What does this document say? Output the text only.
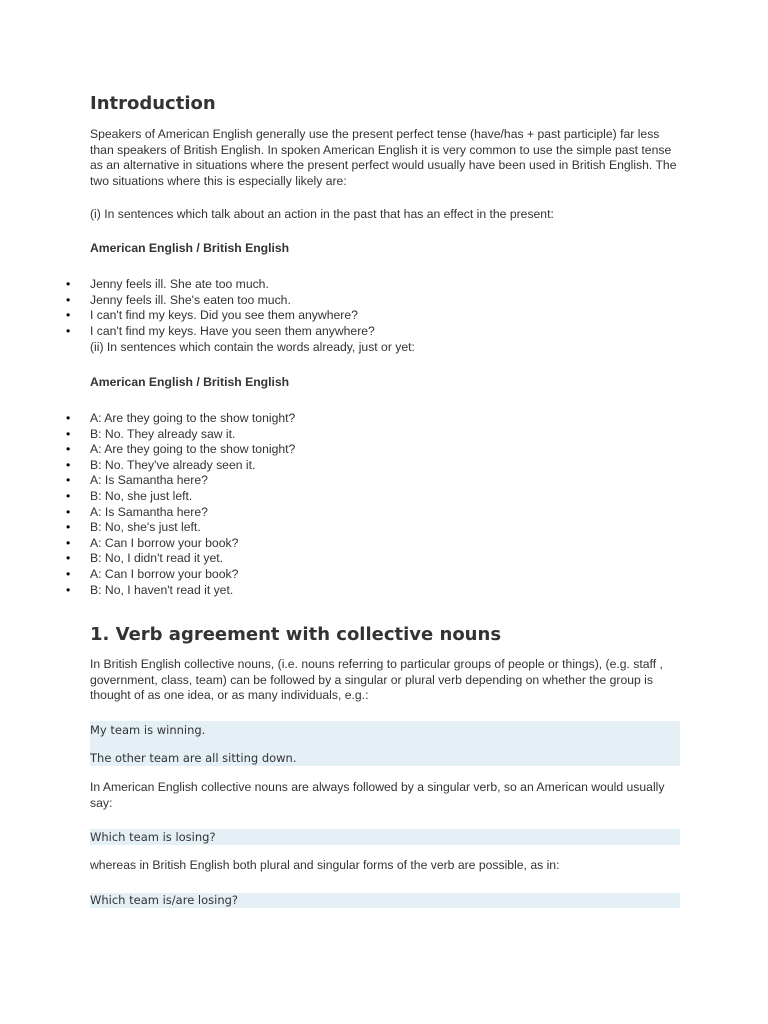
Introduction

Speakers of American English generally use the present perfect tense (have/has + past participle) far less than speakers of British English. In spoken American English it is very common to use the simple past tense as an alternative in situations where the present perfect would usually have been used in British English. The two situations where this is especially likely are:

(i) In sentences which talk about an action in the past that has an effect in the present:

American English / British English

• Jenny feels ill. She ate too much.
• Jenny feels ill. She's eaten too much.
• I can't find my keys. Did you see them anywhere?
• I can't find my keys. Have you seen them anywhere?

(ii) In sentences which contain the words already, just or yet:

American English / British English

• A: Are they going to the show tonight?
• B: No. They already saw it.
• A: Are they going to the show tonight?
• B: No. They've already seen it.
• A: Is Samantha here?
• B: No, she just left.
• A: Is Samantha here?
• B: No, she's just left.
• A: Can I borrow your book?
• B: No, I didn't read it yet.
• A: Can I borrow your book?
• B: No, I haven't read it yet.
1. Verb agreement with collective nouns

In British English collective nouns, (i.e. nouns referring to particular groups of people or things), (e.g. staff , government, class, team) can be followed by a singular or plural verb depending on whether the group is thought of as one idea, or as many individuals, e.g.:

My team is winning.
The other team are all sitting down.

In American English collective nouns are always followed by a singular verb, so an American would usually say:

Which team is losing?

whereas in British English both plural and singular forms of the verb are possible, as in:

Which team is/are losing?
